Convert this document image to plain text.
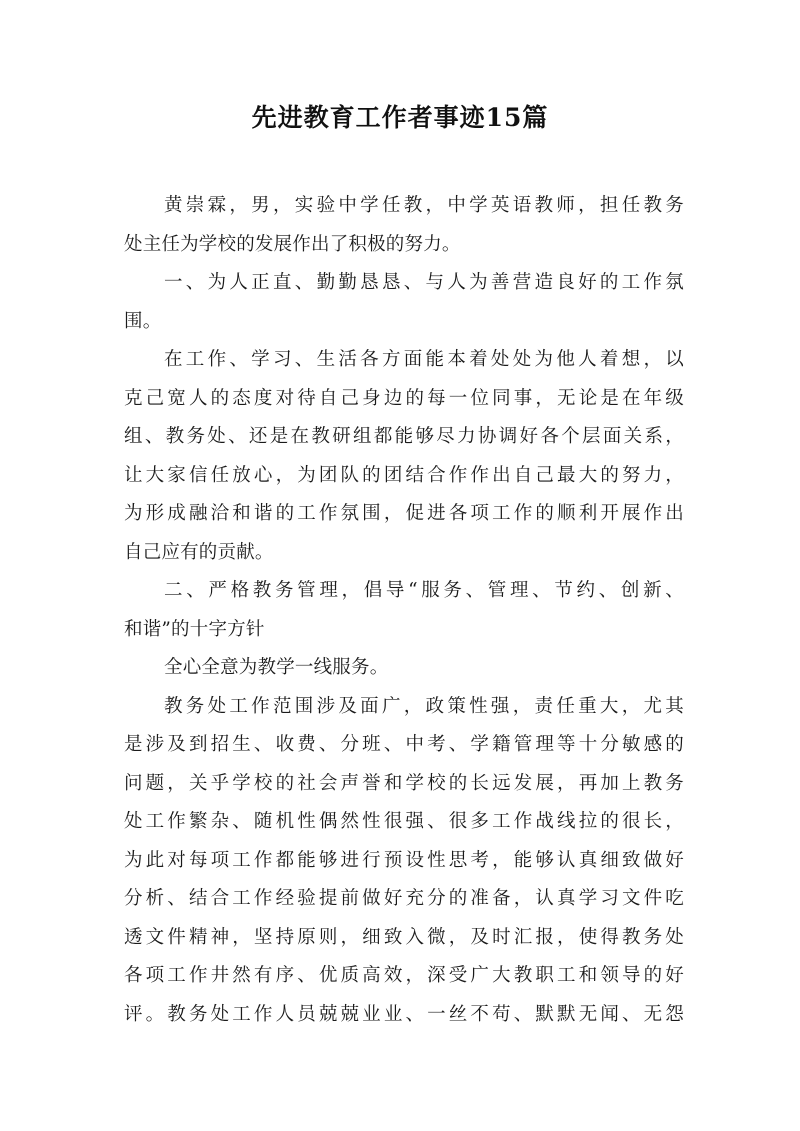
先进教育工作者事迹15篇
黄崇霖，男，实验中学任教，中学英语教师，担任教务
处主任为学校的发展作出了积极的努力。
一、为人正直、勤勤恳恳、与人为善营造良好的工作氛
围。
在工作、学习、生活各方面能本着处处为他人着想，以
克己宽人的态度对待自己身边的每一位同事，无论是在年级
组、教务处、还是在教研组都能够尽力协调好各个层面关系，
让大家信任放心，为团队的团结合作作出自己最大的努力，
为形成融洽和谐的工作氛围，促进各项工作的顺利开展作出
自己应有的贡献。
二、严格教务管理，倡导“服务、管理、节约、创新、
和谐”的十字方针
全心全意为教学一线服务。
教务处工作范围涉及面广，政策性强，责任重大，尤其
是涉及到招生、收费、分班、中考、学籍管理等十分敏感的
问题，关乎学校的社会声誉和学校的长远发展，再加上教务
处工作繁杂、随机性偶然性很强、很多工作战线拉的很长，
为此对每项工作都能够进行预设性思考，能够认真细致做好
分析、结合工作经验提前做好充分的准备，认真学习文件吃
透文件精神，坚持原则，细致入微，及时汇报，使得教务处
各项工作井然有序、优质高效，深受广大教职工和领导的好
评。教务处工作人员兢兢业业、一丝不苟、默默无闻、无怨
